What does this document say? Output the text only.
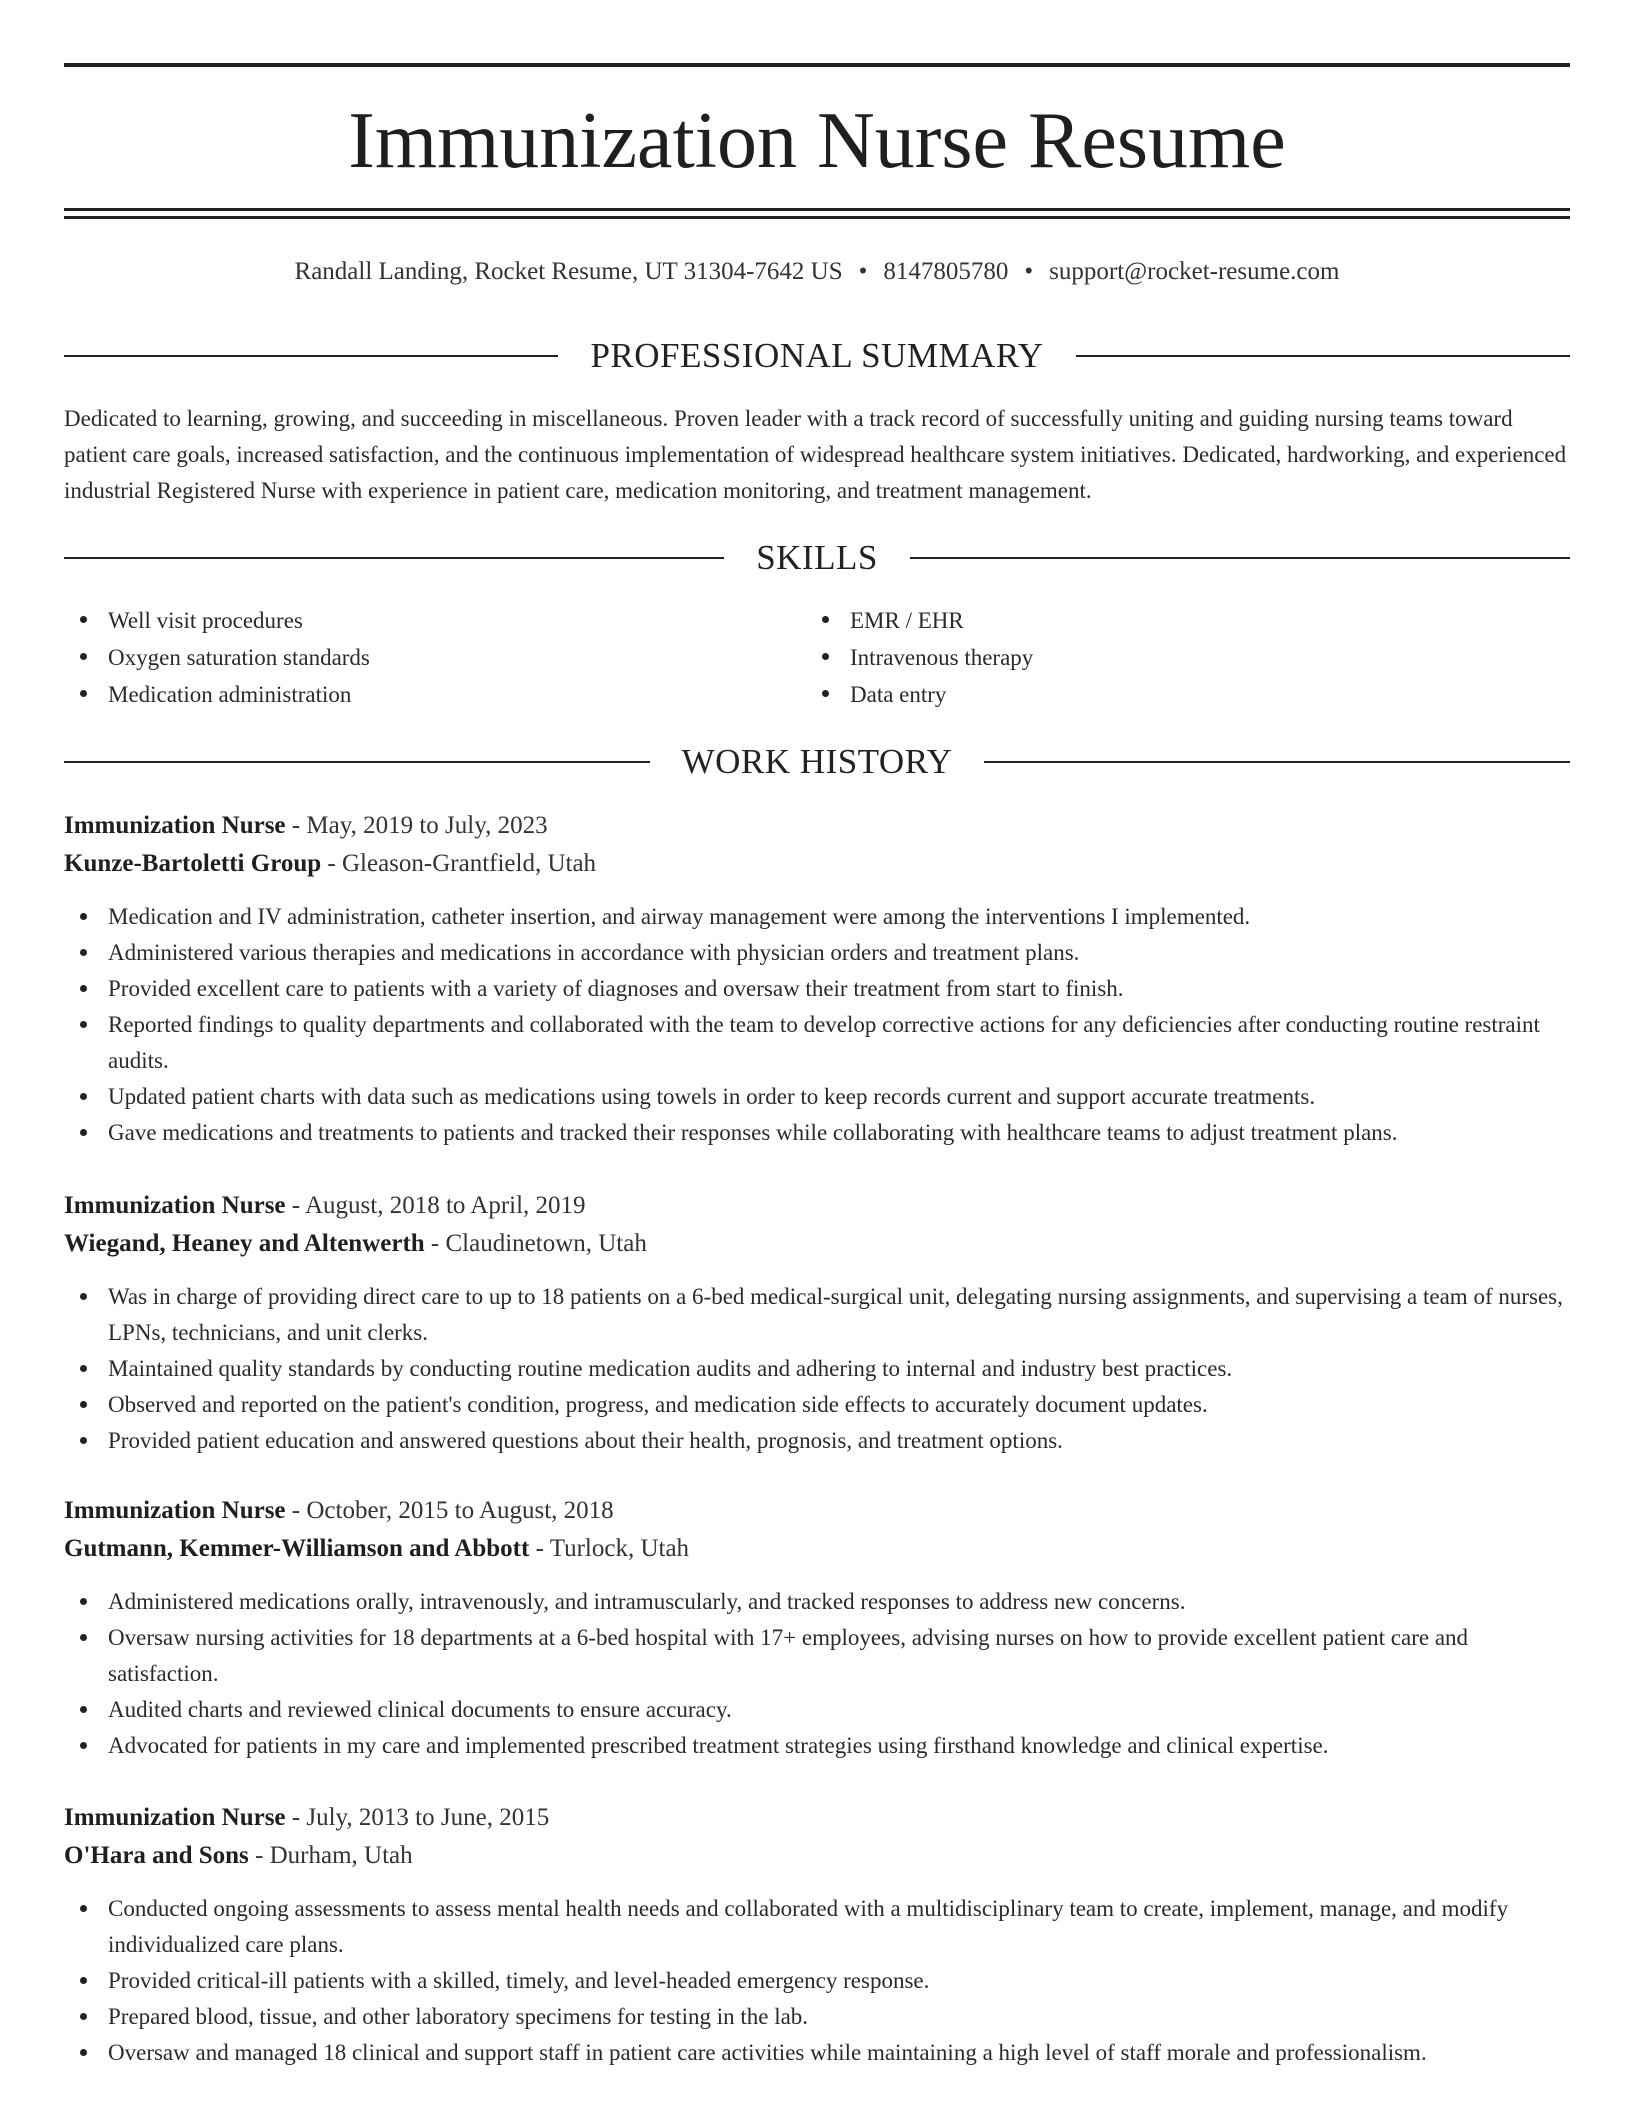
Immunization Nurse Resume
Randall Landing, Rocket Resume, UT 31304-7642 US • 8147805780 • support@rocket-resume.com
PROFESSIONAL SUMMARY

Dedicated to learning, growing, and succeeding in miscellaneous. Proven leader with a track record of successfully uniting and guiding nursing teams toward patient care goals, increased satisfaction, and the continuous implementation of widespread healthcare system initiatives. Dedicated, hardworking, and experienced industrial Registered Nurse with experience in patient care, medication monitoring, and treatment management.

SKILLS
Well visit procedures
Oxygen saturation standards
Medication administration
EMR / EHR
Intravenous therapy
Data entry
WORK HISTORY
Immunization Nurse - May, 2019 to July, 2023
Kunze-Bartoletti Group - Gleason-Grantfield, Utah
Medication and IV administration, catheter insertion, and airway management were among the interventions I implemented.
Administered various therapies and medications in accordance with physician orders and treatment plans.
Provided excellent care to patients with a variety of diagnoses and oversaw their treatment from start to finish.
Reported findings to quality departments and collaborated with the team to develop corrective actions for any deficiencies after conducting routine restraint audits.
Updated patient charts with data such as medications using towels in order to keep records current and support accurate treatments.
Gave medications and treatments to patients and tracked their responses while collaborating with healthcare teams to adjust treatment plans.
Immunization Nurse - August, 2018 to April, 2019
Wiegand, Heaney and Altenwerth - Claudinetown, Utah
Was in charge of providing direct care to up to 18 patients on a 6-bed medical-surgical unit, delegating nursing assignments, and supervising a team of nurses, LPNs, technicians, and unit clerks.
Maintained quality standards by conducting routine medication audits and adhering to internal and industry best practices.
Observed and reported on the patient's condition, progress, and medication side effects to accurately document updates.
Provided patient education and answered questions about their health, prognosis, and treatment options.
Immunization Nurse - October, 2015 to August, 2018
Gutmann, Kemmer-Williamson and Abbott - Turlock, Utah
Administered medications orally, intravenously, and intramuscularly, and tracked responses to address new concerns.
Oversaw nursing activities for 18 departments at a 6-bed hospital with 17+ employees, advising nurses on how to provide excellent patient care and satisfaction.
Audited charts and reviewed clinical documents to ensure accuracy.
Advocated for patients in my care and implemented prescribed treatment strategies using firsthand knowledge and clinical expertise.
Immunization Nurse - July, 2013 to June, 2015
O'Hara and Sons - Durham, Utah
Conducted ongoing assessments to assess mental health needs and collaborated with a multidisciplinary team to create, implement, manage, and modify individualized care plans.
Provided critical-ill patients with a skilled, timely, and level-headed emergency response.
Prepared blood, tissue, and other laboratory specimens for testing in the lab.
Oversaw and managed 18 clinical and support staff in patient care activities while maintaining a high level of staff morale and professionalism.
